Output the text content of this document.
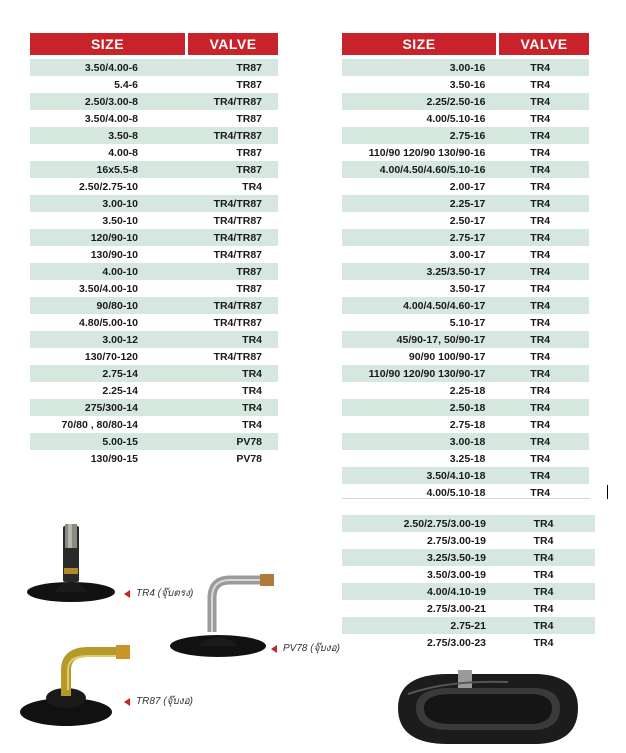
SIZE	VALVE
3.50/4.00-6	TR87
5.4-6	TR87
2.50/3.00-8	TR4/TR87
3.50/4.00-8	TR87
3.50-8	TR4/TR87
4.00-8	TR87
16x5.5-8	TR87
2.50/2.75-10	TR4
3.00-10	TR4/TR87
3.50-10	TR4/TR87
120/90-10	TR4/TR87
130/90-10	TR4/TR87
4.00-10	TR87
3.50/4.00-10	TR87
90/80-10	TR4/TR87
4.80/5.00-10	TR4/TR87
3.00-12	TR4
130/70-120	TR4/TR87
2.75-14	TR4
2.25-14	TR4
275/300-14	TR4
70/80 , 80/80-14	TR4
5.00-15	PV78
130/90-15	PV78
SIZE	VALVE
3.00-16	TR4
3.50-16	TR4
2.25/2.50-16	TR4
4.00/5.10-16	TR4
2.75-16	TR4
110/90 120/90 130/90-16	TR4
4.00/4.50/4.60/5.10-16	TR4
2.00-17	TR4
2.25-17	TR4
2.50-17	TR4
2.75-17	TR4
3.00-17	TR4
3.25/3.50-17	TR4
3.50-17	TR4
4.00/4.50/4.60-17	TR4
5.10-17	TR4
45/90-17, 50/90-17	TR4
90/90 100/90-17	TR4
110/90 120/90 130/90-17	TR4
2.25-18	TR4
2.50-18	TR4
2.75-18	TR4
3.00-18	TR4
3.25-18	TR4
3.50/4.10-18	TR4
4.00/5.10-18	TR4
2.50/2.75/3.00-19	TR4
2.75/3.00-19	TR4
3.25/3.50-19	TR4
3.50/3.00-19	TR4
4.00/4.10-19	TR4
2.75/3.00-21	TR4
2.75-21	TR4
2.75/3.00-23	TR4
TR4 (จุ๊บตรง)
PV78 (จุ๊บงอ)
TR87 (จุ๊บงอ)
